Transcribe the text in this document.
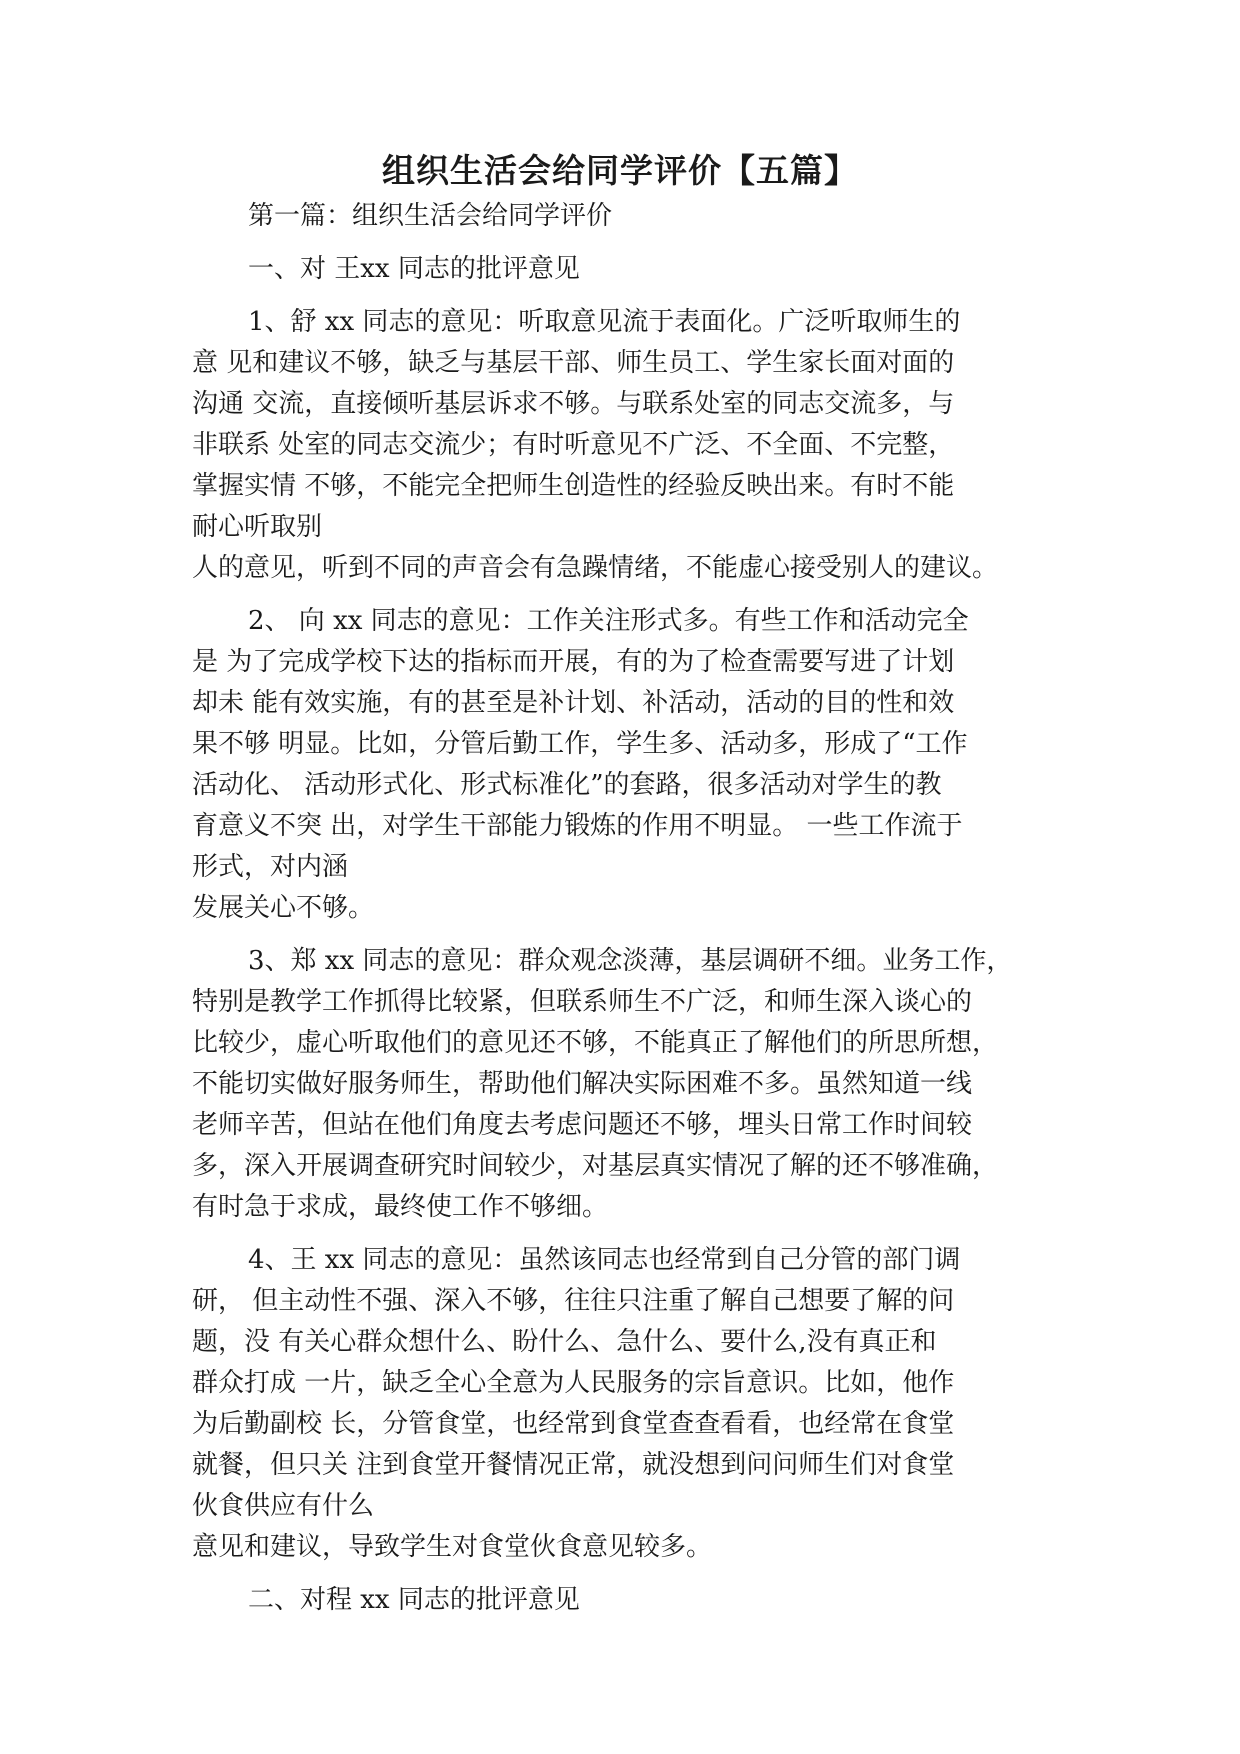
组织生活会给同学评价【五篇】

第一篇：组织生活会给同学评价

一、对 王xx 同志的批评意见

1、舒 xx 同志的意见：听取意见流于表面化。广泛听取师生的
意 见和建议不够，缺乏与基层干部、师生员工、学生家长面对面的
沟通 交流，直接倾听基层诉求不够。与联系处室的同志交流多，与
非联系 处室的同志交流少；有时听意见不广泛、不全面、不完整，
掌握实情 不够，不能完全把师生创造性的经验反映出来。有时不能
耐心听取别
人的意见，听到不同的声音会有急躁情绪，不能虚心接受别人的建议。

2、 向 xx 同志的意见：工作关注形式多。有些工作和活动完全
是 为了完成学校下达的指标而开展，有的为了检查需要写进了计划
却未 能有效实施，有的甚至是补计划、补活动，活动的目的性和效
果不够 明显。比如，分管后勤工作，学生多、活动多，形成了“工作
活动化、 活动形式化、形式标准化”的套路，很多活动对学生的教
育意义不突 出，对学生干部能力锻炼的作用不明显。 一些工作流于
形式，对内涵
发展关心不够。

3、郑 xx 同志的意见：群众观念淡薄，基层调研不细。业务工作，
特别是教学工作抓得比较紧，但联系师生不广泛，和师生深入谈心的
比较少，虚心听取他们的意见还不够，不能真正了解他们的所思所想，
不能切实做好服务师生，帮助他们解决实际困难不多。虽然知道一线
老师辛苦，但站在他们角度去考虑问题还不够，埋头日常工作时间较
多，深入开展调查研究时间较少，对基层真实情况了解的还不够准确，
有时急于求成，最终使工作不够细。

4、王 xx 同志的意见：虽然该同志也经常到自己分管的部门调
研， 但主动性不强、深入不够，往往只注重了解自己想要了解的问
题，没 有关心群众想什么、盼什么、急什么、要什么,没有真正和
群众打成 一片，缺乏全心全意为人民服务的宗旨意识。比如，他作
为后勤副校 长，分管食堂，也经常到食堂查查看看，也经常在食堂
就餐，但只关 注到食堂开餐情况正常，就没想到问问师生们对食堂
伙食供应有什么
意见和建议，导致学生对食堂伙食意见较多。

二、对程 xx 同志的批评意见
